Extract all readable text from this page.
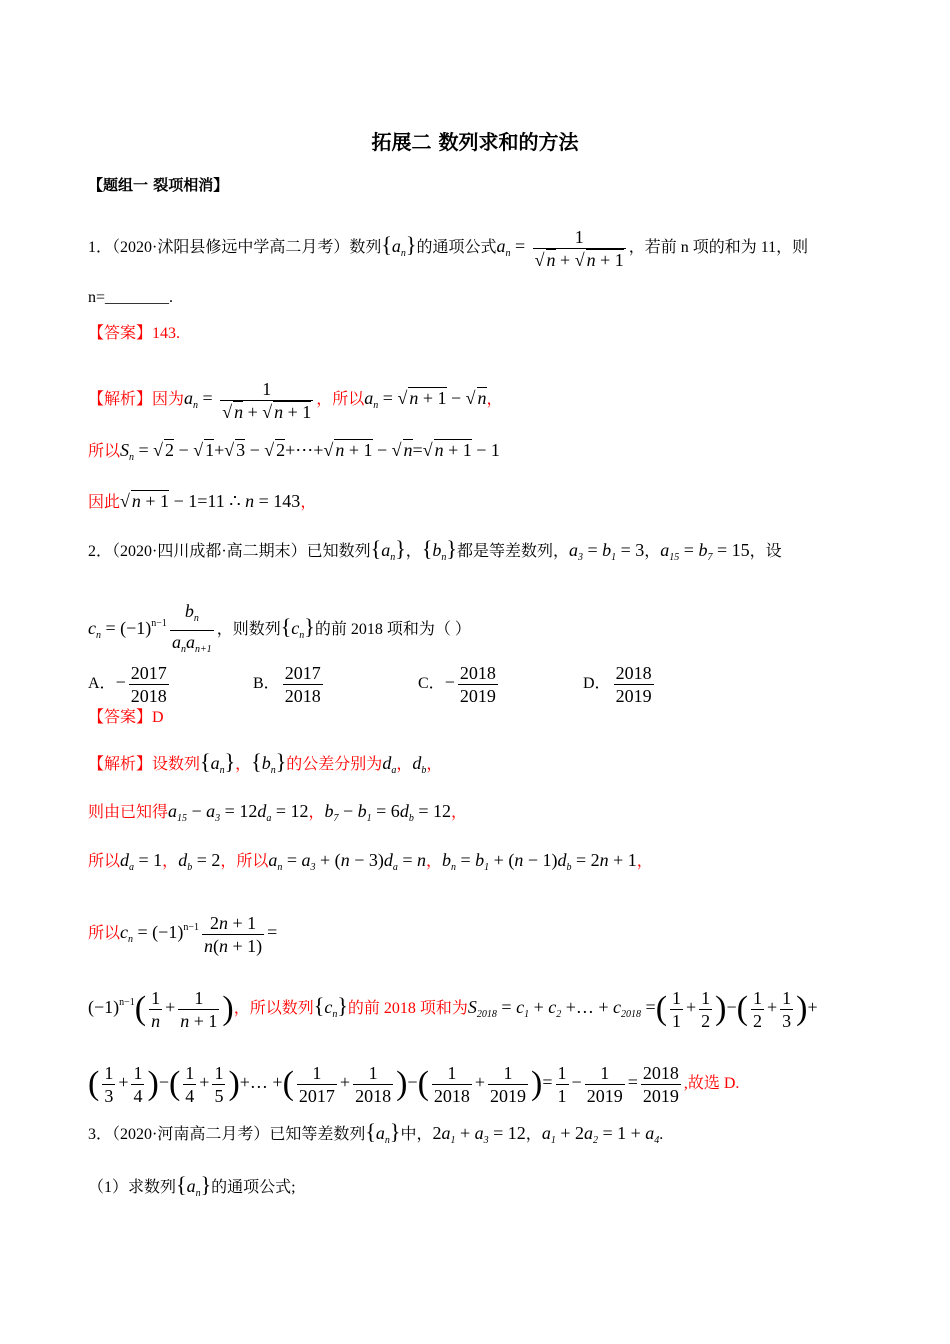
拓展二 数列求和的方法
【题组一 裂项相消】
1．（2020·沭阳县修远中学高二月考）数列$\{a_n\}$的通项公式$a_n = \frac{1}{√ n + √ n + 1}$ ，若前 n 项的和为 11，则
n=________.
【答案】143.
【解析】因为$a_n = \frac{1}{√ n + √ n + 1}$ ，所以$a_n$ = √ n + 1 − √ n，
所以$S_n$ = √ 2 − √ 1+√ 3 − √ 2+⋯+√ n + 1 − √ n=√ n + 1 − 1
因此√ n + 1 − 1=11 ∴ n = 143，
2．（2020·四川成都·高二期末）已知数列$\{a_n\}$，$\{b_n\}$都是等差数列，$a_3 = b_1 = 3$，$a_{15} = b_7 = 15$，设
$c_n = (-1)^{n-1} \frac{b_n}{a_na_{n+1}}$ ，则数列$\{c_n\}$的前 2018 项和为（ ）
A．− $\frac{2017}{2018}$	B． $\frac{2017}{2018}$	C．− $\frac{2018}{2019}$	D． $\frac{2018}{2019}$
【答案】D
【解析】设数列$\{a_n\}$，$\{b_n\}$的公差分别为$d_a$，$d_b$，
则由已知得$a_{15} - a_3 = 12d_a = 12$，$b_7 - b_1 = 6d_b = 12$，
所以$d_a = 1$，$d_b = 2$，所以$a_n = a_3 + (n - 3)d_a = n$，$b_n = b_1 + (n - 1)d_b = 2n + 1$，
所以$c_n = (-1)^{n-1} \frac{2n + 1}{n(n + 1)}$ =
$(-1)^{n-1}( \frac{1}{n} + \frac{1}{n + 1}$ )，所以数列$\{c_n\}$的前 2018 项和为$S_{2018} = c_1 + c_2$ +… + $c_{2018}$ =( $\frac{1}{1} + \frac{1}{2}$ )−( $\frac{1}{2} + \frac{1}{3}$ )+
( $\frac{1}{3} + \frac{1}{4}$ )−( $\frac{1}{4} + \frac{1}{5}$ )+… +( $\frac{1}{2017} + \frac{1}{2018}$ )−( $\frac{1}{2018} + \frac{1}{2019}$ )= $\frac{1}{1} - \frac{1}{2019} = \frac{2018}{2019}$ ,故选 D.
3．（2020·河南高二月考）已知等差数列$\{a_n\}$中，$2a_1 + a_3 = 12$，$a_1 + 2a_2 = 1 + a_4$.
（1）求数列$\{a_n\}$的通项公式;
